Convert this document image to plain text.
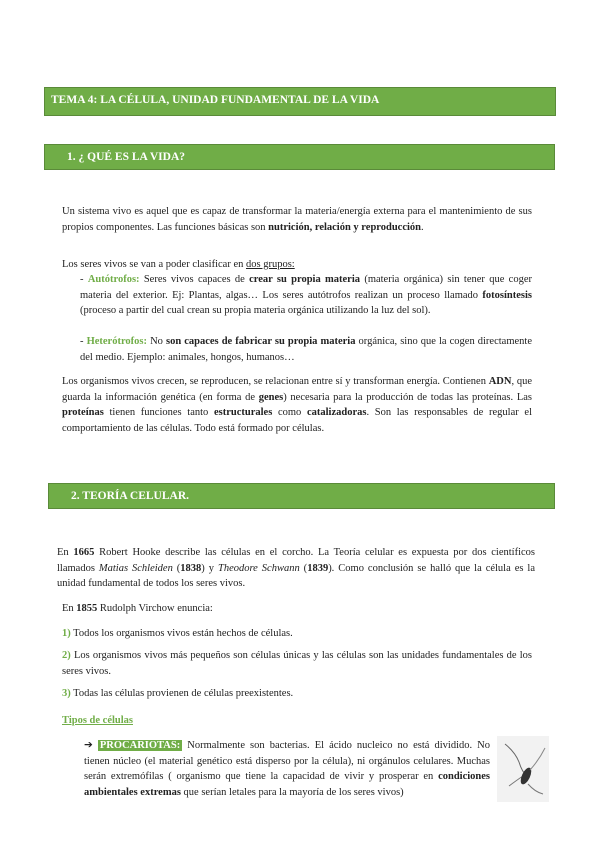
TEMA 4: LA CÉLULA, UNIDAD FUNDAMENTAL DE LA VIDA
1. ¿ QUÉ ES LA VIDA?
Un sistema vivo es aquel que es capaz de transformar la materia/energía externa para el mantenimiento de sus propios componentes. Las funciones básicas son nutrición, relación y reproducción.
Los seres vivos se van a poder clasificar en dos grupos:
- Autótrofos: Seres vivos capaces de crear su propia materia (materia orgánica) sin tener que coger materia del exterior. Ej: Plantas, algas… Los seres autótrofos realizan un proceso llamado fotosíntesis (proceso a partir del cual crean su propia materia orgánica utilizando la luz del sol).
- Heterótrofos: No son capaces de fabricar su propia materia orgánica, sino que la cogen directamente del medio. Ejemplo: animales, hongos, humanos…
Los organismos vivos crecen, se reproducen, se relacionan entre sí y transforman energía. Contienen ADN, que guarda la información genética (en forma de genes) necesaria para la producción de todas las proteínas. Las proteínas tienen funciones tanto estructurales como catalizadoras. Son las responsables de regular el comportamiento de las células. Todo está formado por células.
2. TEORÍA CELULAR.
En 1665 Robert Hooke describe las células en el corcho. La Teoría celular es expuesta por dos científicos llamados Matias Schleiden (1838) y Theodore Schwann (1839). Como conclusión se halló que la célula es la unidad fundamental de todos los seres vivos.
En 1855 Rudolph Virchow enuncia:
1) Todos los organismos vivos están hechos de células.
2) Los organismos vivos más pequeños son células únicas y las células son las unidades fundamentales de los seres vivos.
3) Todas las células provienen de células preexistentes.
Tipos de células
➔ PROCARIOTAS: Normalmente son bacterias. El ácido nucleico no está dividido. No tienen núcleo (el material genético está disperso por la célula), ni orgánulos celulares. Muchas serán extremófilas ( organismo que tiene la capacidad de vivir y prosperar en condiciones ambientales extremas que serían letales para la mayoría de los seres vivos)
